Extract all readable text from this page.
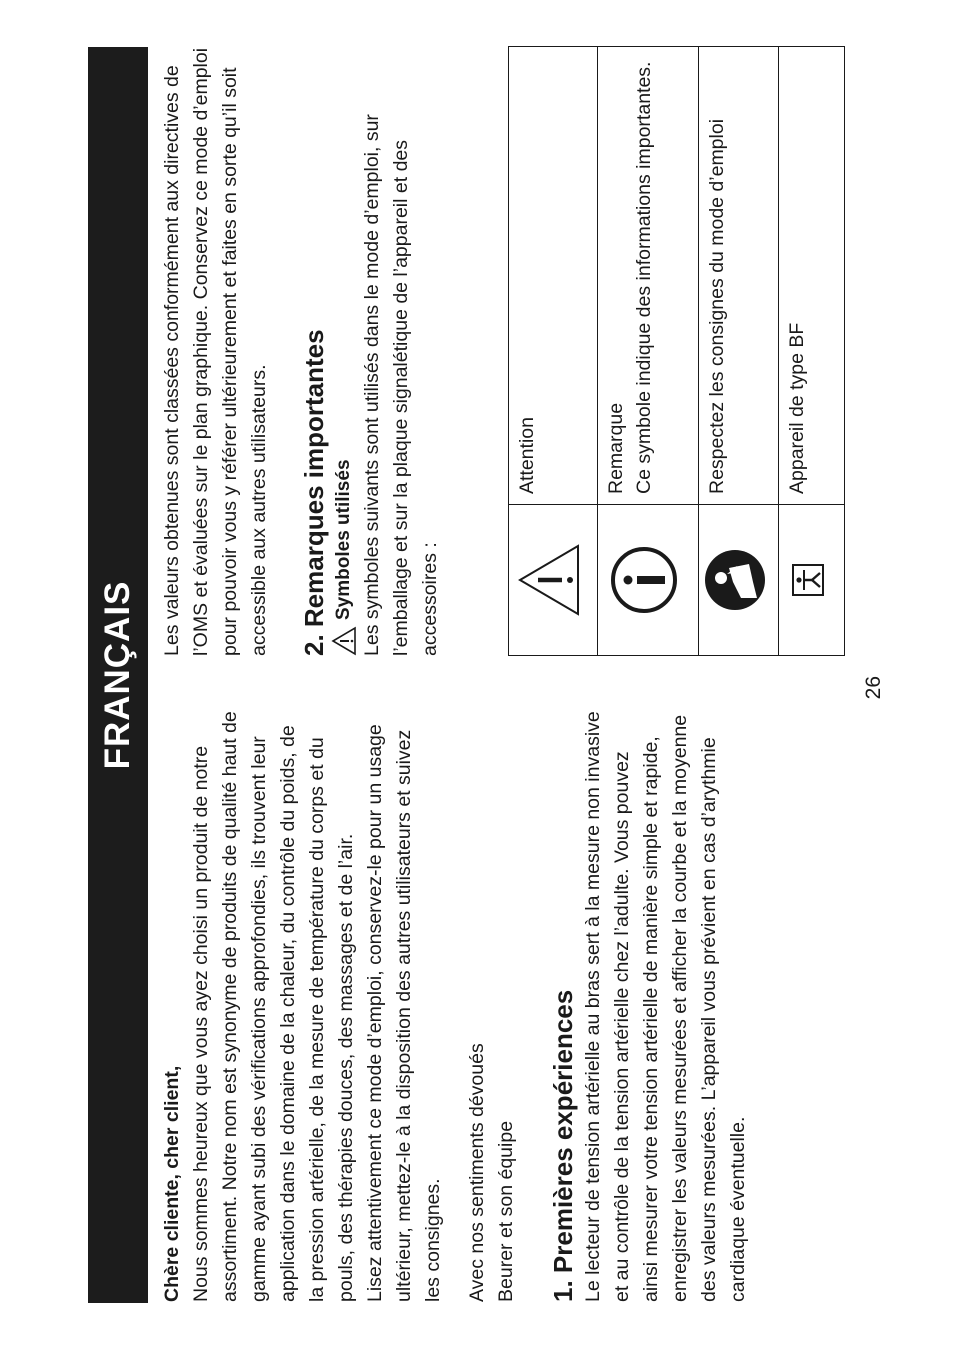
FRANÇAIS

Chère cliente, cher client, Nous sommes heureux que vous ayez choisi un produit de notre assortiment. Notre nom est synonyme de produits de qualité haut de gamme ayant subi des vérifications approfondies, ils trouvent leur application dans le domaine de la chaleur, du contrôle du poids, de la pression artérielle, de la mesure de température du corps et du pouls, des thérapies douces, des massages et de l’air. Lisez attentivement ce mode d’emploi, conservez-le pour un usage ultérieur, mettez-le à la disposition des autres utilisateurs et suivez les consignes. Avec nos sentiments dévoués Beurer et son équipe 1. Premières expériences Le lecteur de tension artérielle au bras sert à la mesure non invasive et au contrôle de la tension artérielle chez l’adulte. Vous pouvez ainsi mesurer votre tension artérielle de manière simple et rapide, enregistrer les valeurs mesurées et afficher la courbe et la moyenne des valeurs mesurées. L’appareil vous prévient en cas d’arythmie cardiaque éventuelle.

Les valeurs obtenues sont classées conformément aux directives de l’OMS et évaluées sur le plan graphique. Conservez ce mode d’emploi pour pouvoir vous y référer ultérieurement et faites en sorte qu’il soit accessible aux autres utilisateurs. 2. Remarques importantes Symboles utilisés Les symboles suivants sont utilisés dans le mode d’emploi, sur l’emballage et sur la plaque signalétique de l’appareil et des accessoires :

Attention

Remarque Ce symbole indique des informations importantes.

Respectez les consignes du mode d’emploi

Appareil de type BF
26
